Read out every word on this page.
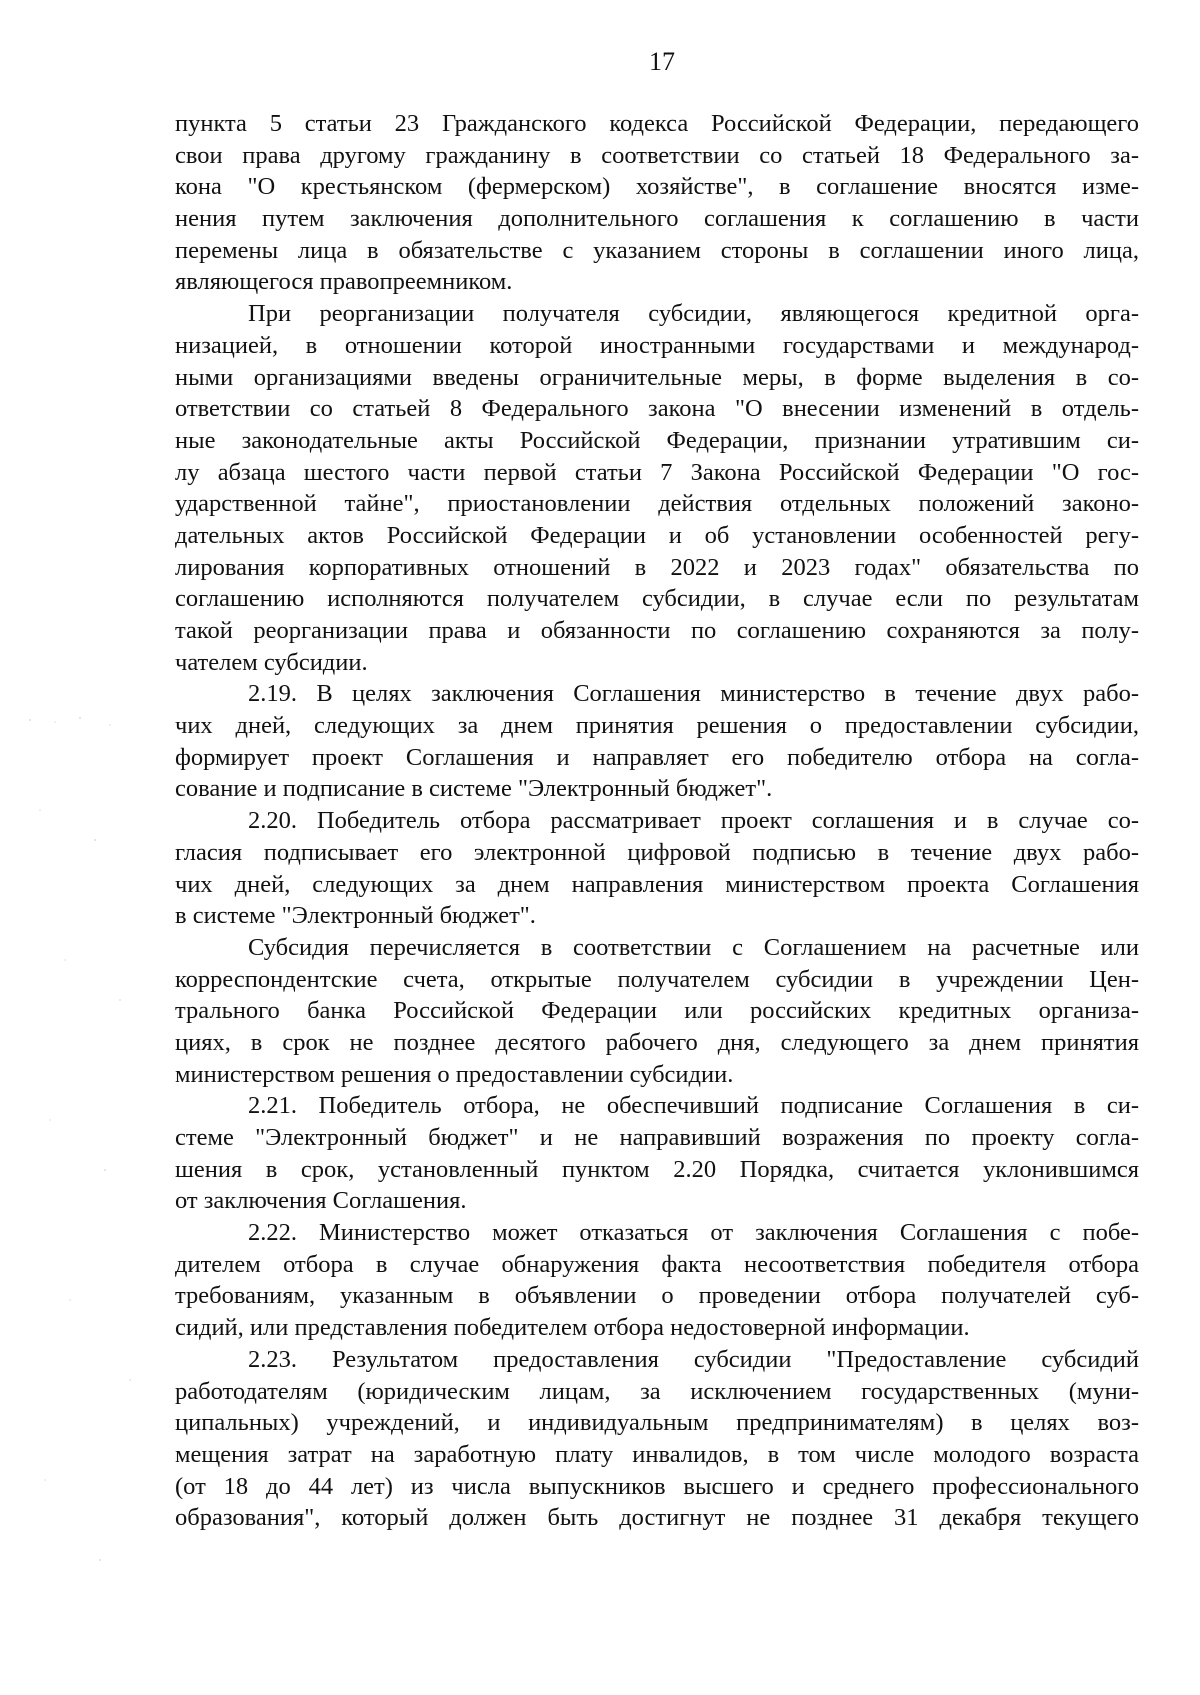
17
пункта 5 статьи 23 Гражданского кодекса Российской Федерации, передающего
свои права другому гражданину в соответствии со статьей 18 Федерального за-
кона "О крестьянском (фермерском) хозяйстве", в соглашение вносятся изме-
нения путем заключения дополнительного соглашения к соглашению в части
перемены лица в обязательстве с указанием стороны в соглашении иного лица,
являющегося правопреемником.
При реорганизации получателя субсидии, являющегося кредитной орга-
низацией, в отношении которой иностранными государствами и международ-
ными организациями введены ограничительные меры, в форме выделения в со-
ответствии со статьей 8 Федерального закона "О внесении изменений в отдель-
ные законодательные акты Российской Федерации, признании утратившим си-
лу абзаца шестого части первой статьи 7 Закона Российской Федерации "О гос-
ударственной тайне", приостановлении действия отдельных положений законо-
дательных актов Российской Федерации и об установлении особенностей регу-
лирования корпоративных отношений в 2022 и 2023 годах" обязательства по
соглашению исполняются получателем субсидии, в случае если по результатам
такой реорганизации права и обязанности по соглашению сохраняются за полу-
чателем субсидии.
2.19. В целях заключения Соглашения министерство в течение двух рабо-
чих дней, следующих за днем принятия решения о предоставлении субсидии,
формирует проект Соглашения и направляет его победителю отбора на согла-
сование и подписание в системе "Электронный бюджет".
2.20. Победитель отбора рассматривает проект соглашения и в случае со-
гласия подписывает его электронной цифровой подписью в течение двух рабо-
чих дней, следующих за днем направления министерством проекта Соглашения
в системе "Электронный бюджет".
Субсидия перечисляется в соответствии с Соглашением на расчетные или
корреспондентские счета, открытые получателем субсидии в учреждении Цен-
трального банка Российской Федерации или российских кредитных организа-
циях, в срок не позднее десятого рабочего дня, следующего за днем принятия
министерством решения о предоставлении субсидии.
2.21. Победитель отбора, не обеспечивший подписание Соглашения в си-
стеме "Электронный бюджет" и не направивший возражения по проекту согла-
шения в срок, установленный пунктом 2.20 Порядка, считается уклонившимся
от заключения Соглашения.
2.22. Министерство может отказаться от заключения Соглашения с побе-
дителем отбора в случае обнаружения факта несоответствия победителя отбора
требованиям, указанным в объявлении о проведении отбора получателей суб-
сидий, или представления победителем отбора недостоверной информации.
2.23. Результатом предоставления субсидии "Предоставление субсидий
работодателям (юридическим лицам, за исключением государственных (муни-
ципальных) учреждений, и индивидуальным предпринимателям) в целях воз-
мещения затрат на заработную плату инвалидов, в том числе молодого возраста
(от 18 до 44 лет) из числа выпускников высшего и среднего профессионального
образования", который должен быть достигнут не позднее 31 декабря текущего
